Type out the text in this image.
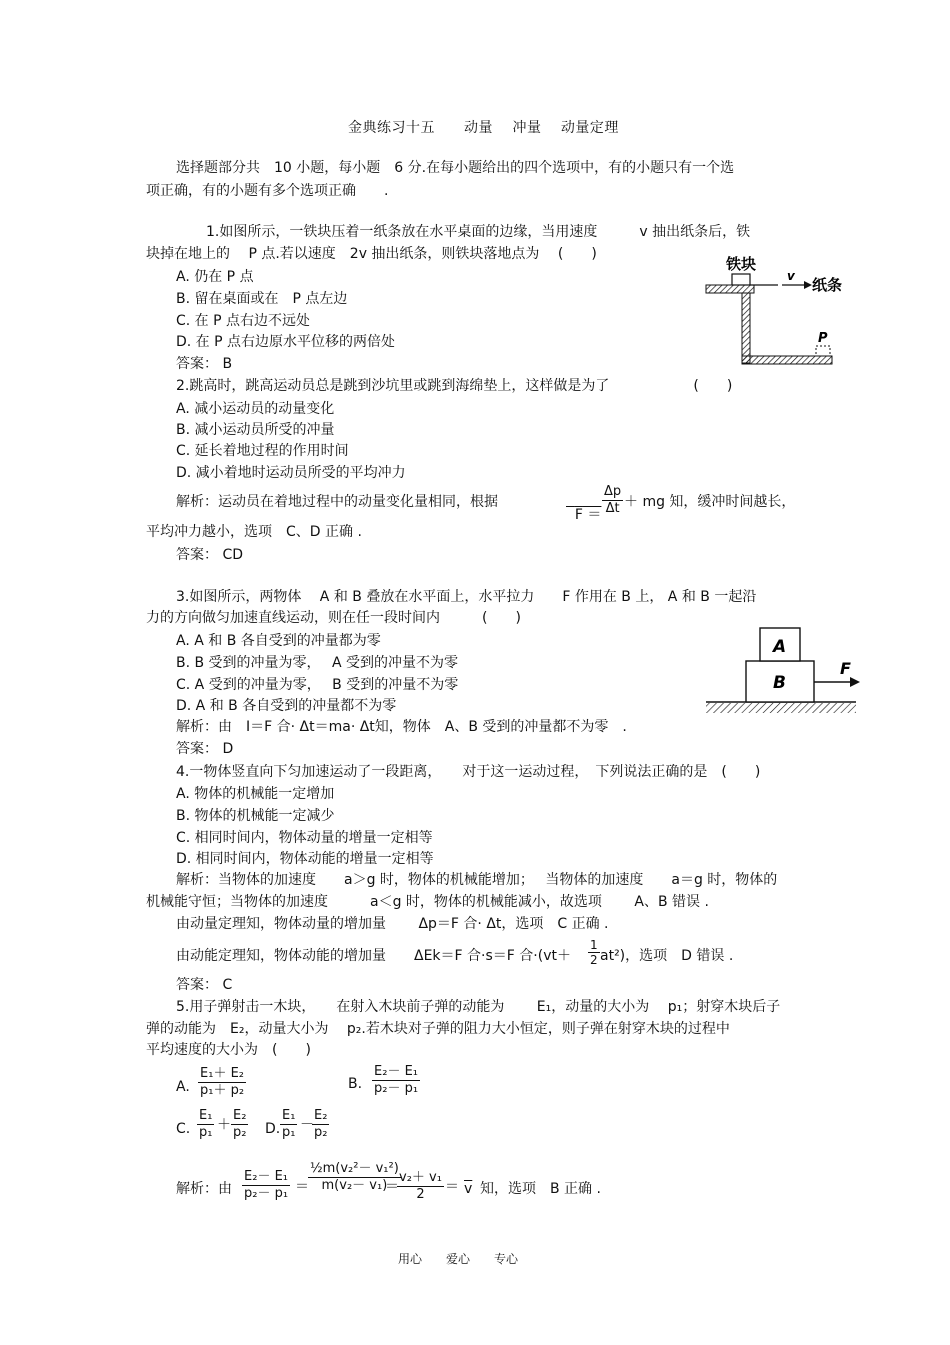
金典练习十五　　动量　 冲量　 动量定理
选择题部分共　10 小题，每小题　6 分.在每小题给出的四个选项中，有的小题只有一个选
项正确，有的小题有多个选项正确　　.
1.如图所示，一铁块压着一纸条放在水平桌面的边缘，当用速度　　　v 抽出纸条后，铁
块掉在地上的　 P 点.若以速度　2v 抽出纸条，则铁块落地点为　 (　　)
A. 仍在 P 点
B. 留在桌面或在　P 点左边
C. 在 P 点右边不远处
D. 在 P 点右边原水平位移的两倍处
答案： B
铁块
v 纸条
P
2.跳高时，跳高运动员总是跳到沙坑里或跳到海绵垫上，这样做是为了　　　　　　(　　)
A. 减小运动员的动量变化
B. 减小运动员所受的冲量
C. 延长着地过程的作用时间
D. 减小着地时运动员所受的平均冲力
解析：运动员在着地过程中的动量变化量相同，根据

$F = \frac{\Delta p}{\Delta t}$ ＋ mg 知，缓冲时间越长，
平均冲力越小，选项　C、D 正确 .
答案： CD
3.如图所示，两物体　 A 和 B 叠放在水平面上，水平拉力　　F 作用在 B 上， A 和 B 一起沿
力的方向做匀加速直线运动，则在任一段时间内　　　(　　)
A. A 和 B 各自受到的冲量都为零
B. B 受到的冲量为零，　 A 受到的冲量不为零
C. A 受到的冲量为零，　 B 受到的冲量不为零
D. A 和 B 各自受到的冲量都不为零
解析：由　I＝F 合· Δt＝ma· Δt知，物体　A、B 受到的冲量都不为零　.
答案： D
A
B
F
4.一物体竖直向下匀加速运动了一段距离，　　对于这一运动过程，　下列说法正确的是　(　　)
A. 物体的机械能一定增加
B. 物体的机械能一定减少
C. 相同时间内，物体动量的增量一定相等
D. 相同时间内，物体动能的增量一定相等
解析：当物体的加速度　　a＞g 时，物体的机械能增加；　 当物体的加速度　　a＝g 时，物体的
机械能守恒；当物体的加速度　　　a＜g 时，物体的机械能减小，故选项　　 A、B 错误 .
由动量定理知，物体动量的增加量　　 Δp＝F 合· Δt，选项　C 正确 .
由动能定理知，物体动能的增加量　　ΔEk＝F 合·s＝F 合$\cdot(vt+ \frac{1}{2} at^2)$，选项　D 错误 .
答案： C
5.用子弹射击一木块，　　在射入木块前子弹的动能为　　 E₁，动量的大小为　 p₁；射穿木块后子
弹的动能为　E₂，动量大小为　 p₂.若木块对子弹的阻力大小恒定，则子弹在射穿木块的过程中
平均速度的大小为　(　　)
A. $\frac{\text{E₁＋ E₂}}{\text{p₁＋ p₂}}$	B. $\frac{\text{E₂－ E₁}}{\text{p₂－ p₁}}$
C. $\frac{\text{E₁}}{\text{p₁}} + \frac{\text{E₂}}{\text{p₂}} D$. $\frac{\text{E₁}}{\text{p₁}}$ －
$\frac{\text{E₂}}{\text{p₂}}$
解析：由 $\frac{\text{E₂－ E₁}}{\text{p₂－ p₁}} = \frac{\text{½m(v₂²－ v₁²)}}{\text{m(v₂－ v₁)}}$
＝
$\frac{\text{v₂＋ v₁}}{2} = \overline{v}$ 知，选项　B 正确 .
用心　　爱心　　专心
